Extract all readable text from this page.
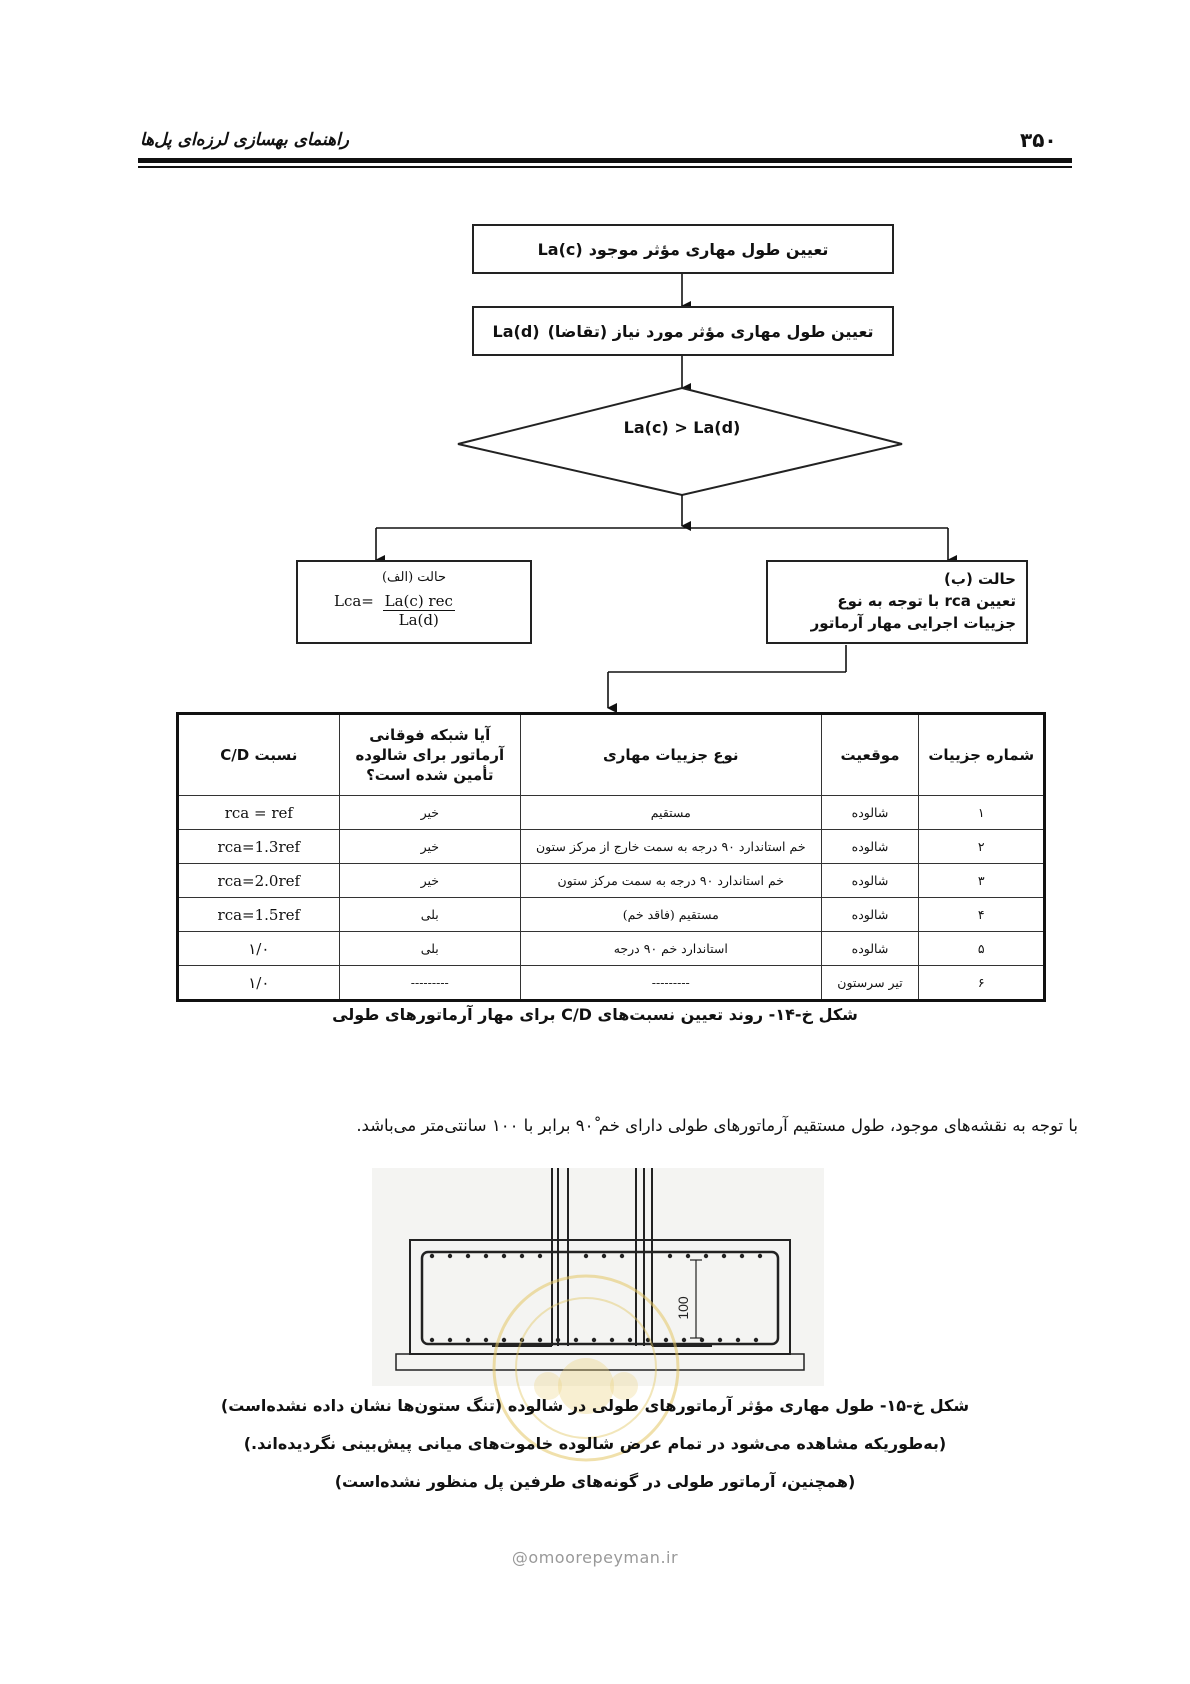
۳۵۰
راهنمای بهسازی لرزه‌ای پل‌ها
تعیین طول مهاری مؤثر موجود
La(c)
تعیین طول مهاری مؤثر مورد نیاز (تقاضا)
La(d)
La(c) > La(d)
حالت (الف)
Lca= La(c) rec
La(d)
حالت (ب)
تعیین rca با توجه به نوع
جزییات اجرایی مهار آرماتور
شماره جزییات	موقعیت	نوع جزییات مهاری	آیا شبکه فوقانی آرماتور برای شالوده تأمین شده است؟	نسبت C/D
۱	شالوده	مستقیم	خیر	rca = ref
۲	شالوده	خم استاندارد ۹۰ درجه به سمت خارج از مرکز ستون	خیر	rca=1.3ref
۳	شالوده	خم استاندارد ۹۰ درجه به سمت مرکز ستون	خیر	rca=2.0ref
۴	شالوده	مستقیم (فاقد خم)	بلی	rca=1.5ref
۵	شالوده	استاندارد خم ۹۰ درجه	بلی	۱/۰
۶	تیر سرستون	---------	---------	۱/۰
شکل خ-۱۴- روند تعیین نسبت‌های C/D برای مهار آرماتورهای طولی
با توجه به نقشه‌های موجود، طول مستقیم آرماتورهای طولی دارای خم ۹۰ْ برابر با ۱۰۰ سانتی‌متر می‌باشد.
100
شکل خ-۱۵- طول مهاری مؤثر آرماتورهای طولی در شالوده (تنگ ستون‌ها نشان داده نشده‌است)
(به‌طوریکه مشاهده می‌شود در تمام عرض شالوده خاموت‌های میانی پیش‌بینی نگردیده‌اند.)
(همچنین، آرماتور طولی در گونه‌های طرفین پل منظور نشده‌است)
@omoorepeyman.ir
